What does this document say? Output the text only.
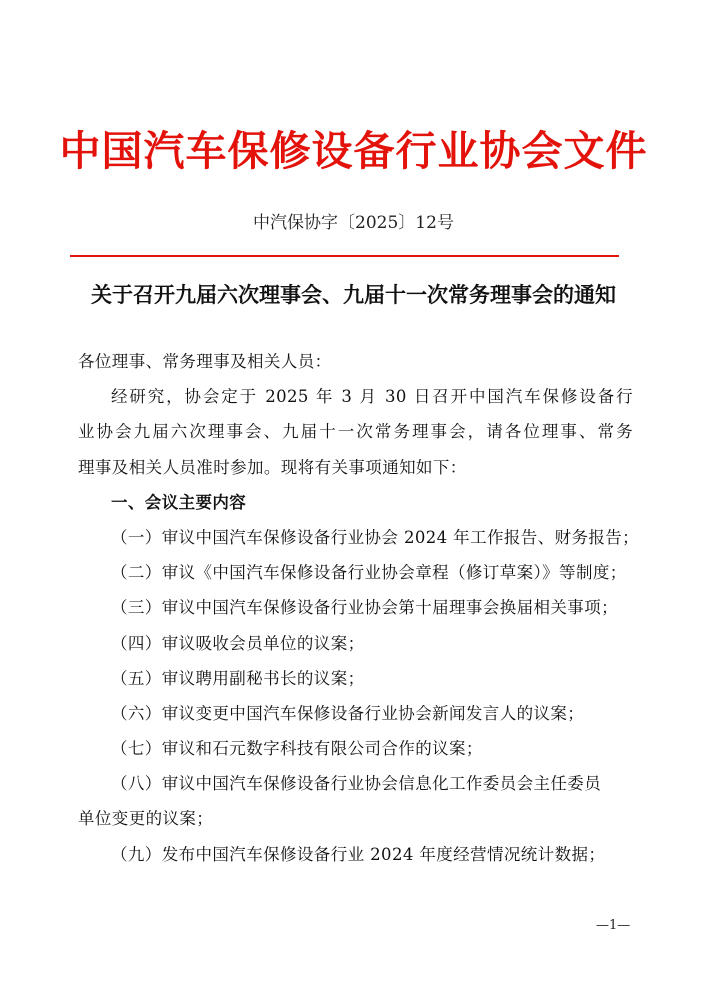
中国汽车保修设备行业协会文件
中汽保协字〔2025〕12号
关于召开九届六次理事会、九届十一次常务理事会的通知
各位理事、常务理事及相关人员：
经研究，协会定于 2025 年 3 月 30 日召开中国汽车保修设备行
业协会九届六次理事会、九届十一次常务理事会，请各位理事、常务
理事及相关人员准时参加。现将有关事项通知如下：
一、会议主要内容
（一）审议中国汽车保修设备行业协会 2024 年工作报告、财务报告；
（二）审议《中国汽车保修设备行业协会章程（修订草案）》等制度；
（三）审议中国汽车保修设备行业协会第十届理事会换届相关事项；
（四）审议吸收会员单位的议案；
（五）审议聘用副秘书长的议案；
（六）审议变更中国汽车保修设备行业协会新闻发言人的议案；
（七）审议和石元数字科技有限公司合作的议案；
（八）审议中国汽车保修设备行业协会信息化工作委员会主任委员
单位变更的议案；
（九）发布中国汽车保修设备行业 2024 年度经营情况统计数据；
—1—
